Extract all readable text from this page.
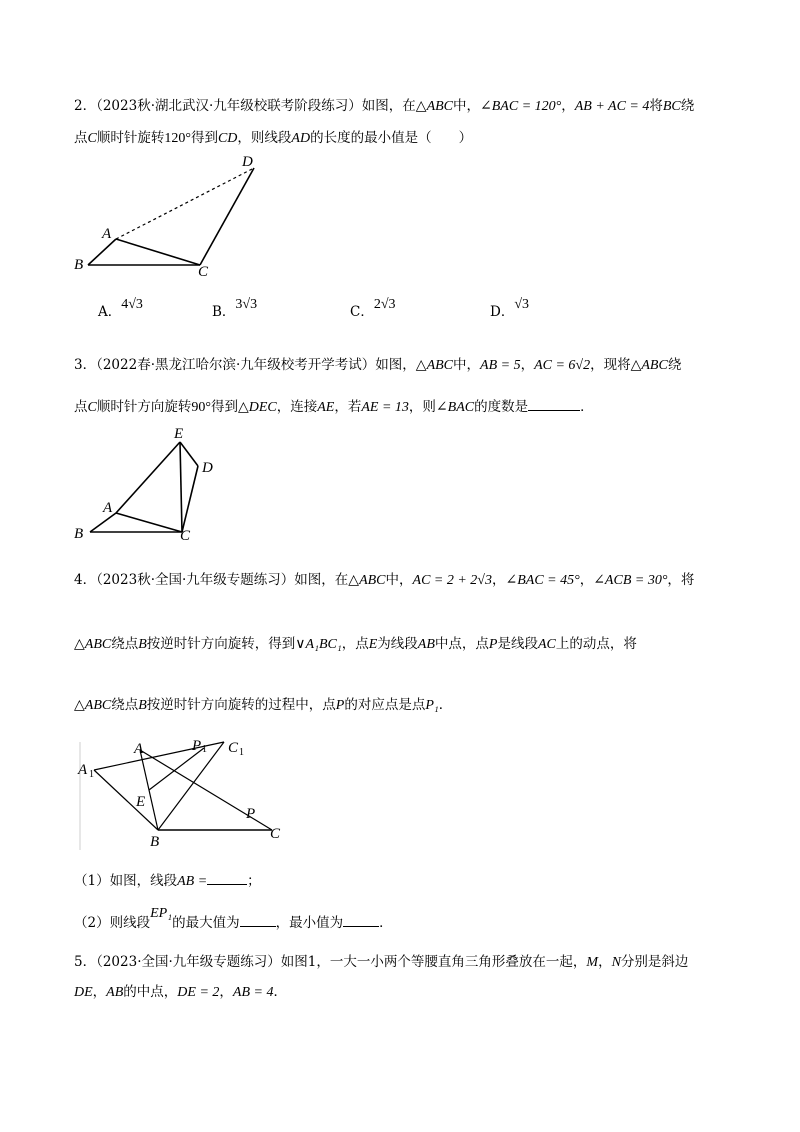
2．（2023秋·湖北武汉·九年级校联考阶段练习）如图，在△ABC中，∠BAC = 120°，AB + AC = 4将BC绕
点C顺时针旋转120°得到CD，则线段AD的长度的最小值是（　　）
A
B	C
D
A．4√3	B．3√3	C．2√3	D．√3
3．（2022春·黑龙江哈尔滨·九年级校考开学考试）如图，△ABC中，AB = 5，AC = 6√2，现将△ABC绕
点C顺时针方向旋转90°得到△DEC，连接AE，若AE = 13，则∠BAC的度数是	．
A
B	C
D
E
4．（2023秋·全国·九年级专题练习）如图，在△ABC中，AC = 2 + 2√3，∠BAC = 45°，∠ACB = 30°，将
△ABC绕点B按逆时针方向旋转，得到∨A₁BC₁，点E为线段AB中点，点P是线段AC上的动点，将
△ABC绕点B按逆时针方向旋转的过程中，点P的对应点是点P₁．
A	P 1 C 1
A 1
E
P
B	C
（1）如图，线段AB =	；
（2）则线段EP₁的最大值为	，最小值为	．
5．（2023·全国·九年级专题练习）如图1，一大一小两个等腰直角三角形叠放在一起，M，N分别是斜边
DE，AB的中点，DE = 2，AB = 4．
